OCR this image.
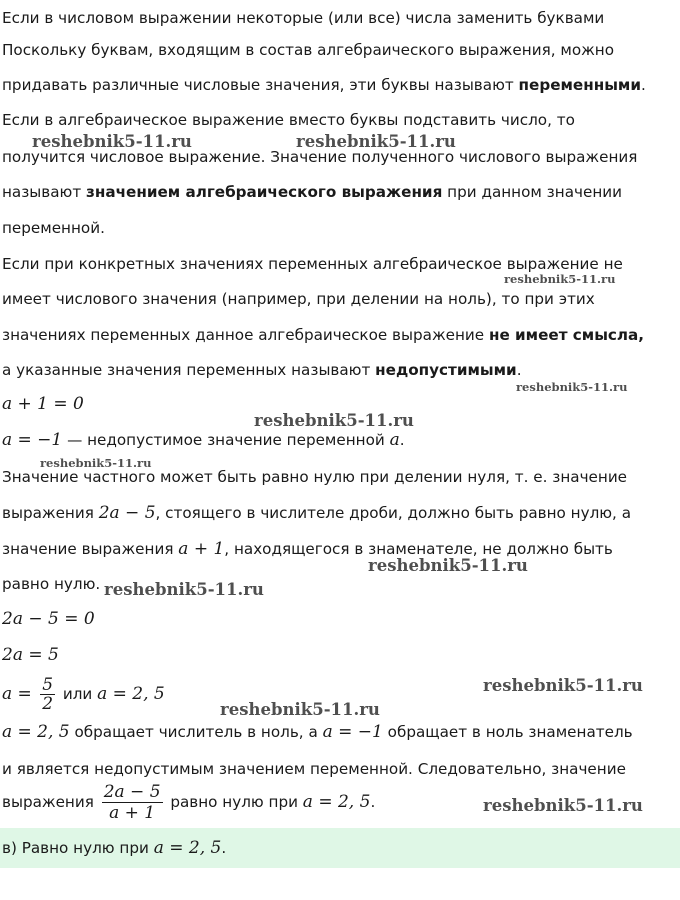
Если в числовом выражении некоторые (или все) числа заменить буквами
Поскольку буквам, входящим в состав алгебраического выражения, можно
придавать различные числовые значения, эти буквы называют переменными.
Если в алгебраическое выражение вместо буквы подставить число, то
получится числовое выражение. Значение полученного числового выражения
называют значением алгебраического выражения при данном значении
переменной.
Если при конкретных значениях переменных алгебраическое выражение не
имеет числового значения (например, при делении на ноль), то при этих
значениях переменных данное алгебраическое выражение не имеет смысла,
а указанные значения переменных называют недопустимыми.
a + 1 = 0
a = −1 — недопустимое значение переменной a.
Значение частного может быть равно нулю при делении нуля, т. е. значение
выражения 2a − 5, стоящего в числителе дроби, должно быть равно нулю, а
значение выражения a + 1, находящегося в знаменателе, не должно быть
равно нулю.
2a − 5 = 0
2a = 5
$a = \frac{5}{2}$ или a = 2, 5
a = 2, 5 обращает числитель в ноль, а a = −1 обращает в ноль знаменатель
и является недопустимым значением переменной. Следовательно, значение
выражения $\frac{2a - 5}{a + 1}$ равно нулю при a = 2, 5.
в) Равно нулю при a = 2, 5.
reshebnik5-11.ru	reshebnik5-11.ru
reshebnik5-11.ru
reshebnik5-11.ru
reshebnik5-11.ru
reshebnik5-11.ru
reshebnik5-11.ru
reshebnik5-11.ru
reshebnik5-11.ru
reshebnik5-11.ru
reshebnik5-11.ru
